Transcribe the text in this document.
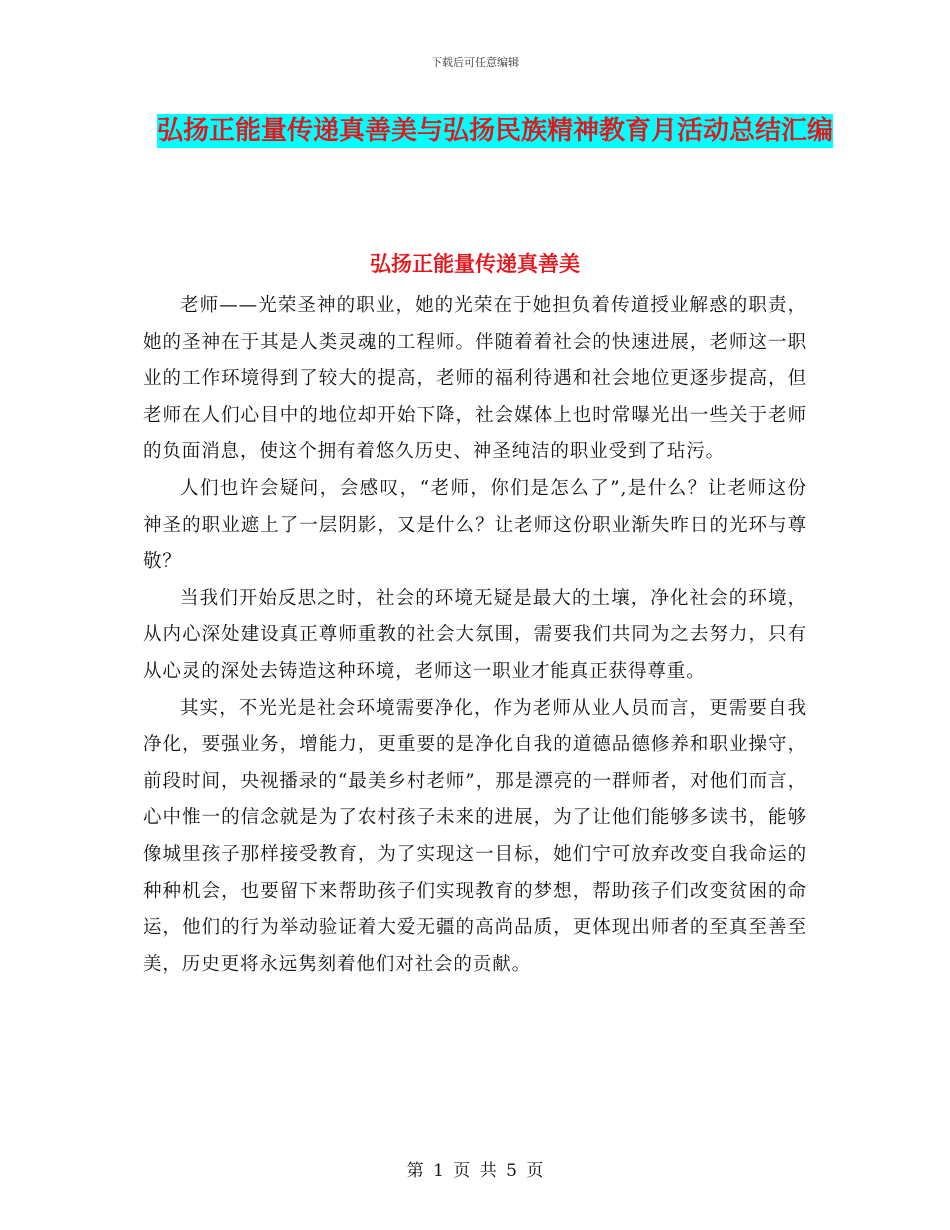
下载后可任意编辑
弘扬正能量传递真善美与弘扬民族精神教育月活动总结汇编
弘扬正能量传递真善美

老师——光荣圣神的职业，她的光荣在于她担负着传道授业解惑的职责，她的圣神在于其是人类灵魂的工程师。伴随着着社会的快速进展，老师这一职业的工作环境得到了较大的提高，老师的福利待遇和社会地位更逐步提高，但老师在人们心目中的地位却开始下降，社会媒体上也时常曝光出一些关于老师的负面消息，使这个拥有着悠久历史、神圣纯洁的职业受到了玷污。

人们也许会疑问，会感叹，“老师，你们是怎么了”,是什么？让老师这份神圣的职业遮上了一层阴影，又是什么？让老师这份职业渐失昨日的光环与尊敬？

当我们开始反思之时，社会的环境无疑是最大的土壤，净化社会的环境，从内心深处建设真正尊师重教的社会大氛围，需要我们共同为之去努力，只有从心灵的深处去铸造这种环境，老师这一职业才能真正获得尊重。

其实，不光光是社会环境需要净化，作为老师从业人员而言，更需要自我净化，要强业务，增能力，更重要的是净化自我的道德品德修养和职业操守，前段时间，央视播录的“最美乡村老师”，那是漂亮的一群师者，对他们而言，心中惟一的信念就是为了农村孩子未来的进展，为了让他们能够多读书，能够像城里孩子那样接受教育，为了实现这一目标，她们宁可放弃改变自我命运的种种机会，也要留下来帮助孩子们实现教育的梦想，帮助孩子们改变贫困的命运，他们的行为举动验证着大爱无疆的高尚品质，更体现出师者的至真至善至美，历史更将永远隽刻着他们对社会的贡献。

第 1 页 共 5 页
